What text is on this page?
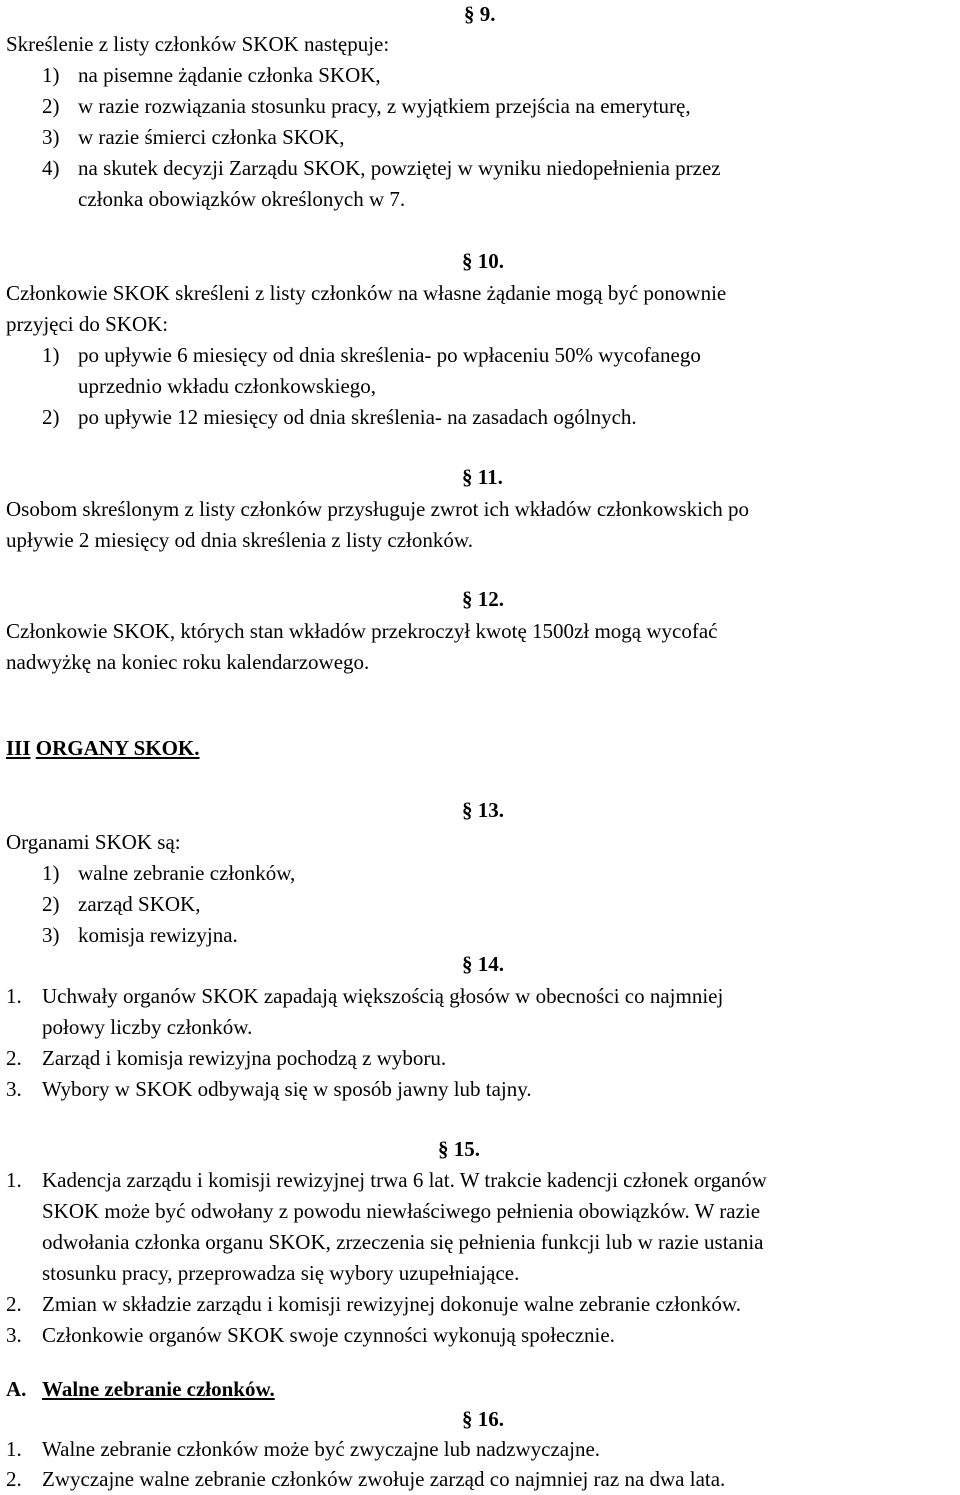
§ 9.
Skreślenie z listy członków SKOK następuje:
1) na pisemne żądanie członka SKOK,
2) w razie rozwiązania stosunku pracy, z wyjątkiem przejścia na emeryturę,
3) w razie śmierci członka SKOK,
4) na skutek decyzji Zarządu SKOK, powziętej w wyniku niedopełnienia przez
członka obowiązków określonych w 7.
§ 10.
Członkowie SKOK skreśleni z listy członków na własne żądanie mogą być ponownie
przyjęci do SKOK:
1) po upływie 6 miesięcy od dnia skreślenia- po wpłaceniu 50% wycofanego
uprzednio wkładu członkowskiego,
2) po upływie 12 miesięcy od dnia skreślenia- na zasadach ogólnych.
§ 11.
Osobom skreślonym z listy członków przysługuje zwrot ich wkładów członkowskich po
upływie 2 miesięcy od dnia skreślenia z listy członków.
§ 12.
Członkowie SKOK, których stan wkładów przekroczył kwotę 1500zł mogą wycofać
nadwyżkę na koniec roku kalendarzowego.
III ORGANY SKOK.
§ 13.
Organami SKOK są:
1) walne zebranie członków,
2) zarząd SKOK,
3) komisja rewizyjna.
§ 14.
1. Uchwały organów SKOK zapadają większością głosów w obecności co najmniej
połowy liczby członków.
2. Zarząd i komisja rewizyjna pochodzą z wyboru.
3. Wybory w SKOK odbywają się w sposób jawny lub tajny.
§ 15.
1. Kadencja zarządu i komisji rewizyjnej trwa 6 lat. W trakcie kadencji członek organów
SKOK może być odwołany z powodu niewłaściwego pełnienia obowiązków. W razie
odwołania członka organu SKOK, zrzeczenia się pełnienia funkcji lub w razie ustania
stosunku pracy, przeprowadza się wybory uzupełniające.
2. Zmian w składzie zarządu i komisji rewizyjnej dokonuje walne zebranie członków.
3. Członkowie organów SKOK swoje czynności wykonują społecznie.
A. Walne zebranie członków.
§ 16.
1. Walne zebranie członków może być zwyczajne lub nadzwyczajne.
2. Zwyczajne walne zebranie członków zwołuje zarząd co najmniej raz na dwa lata.
